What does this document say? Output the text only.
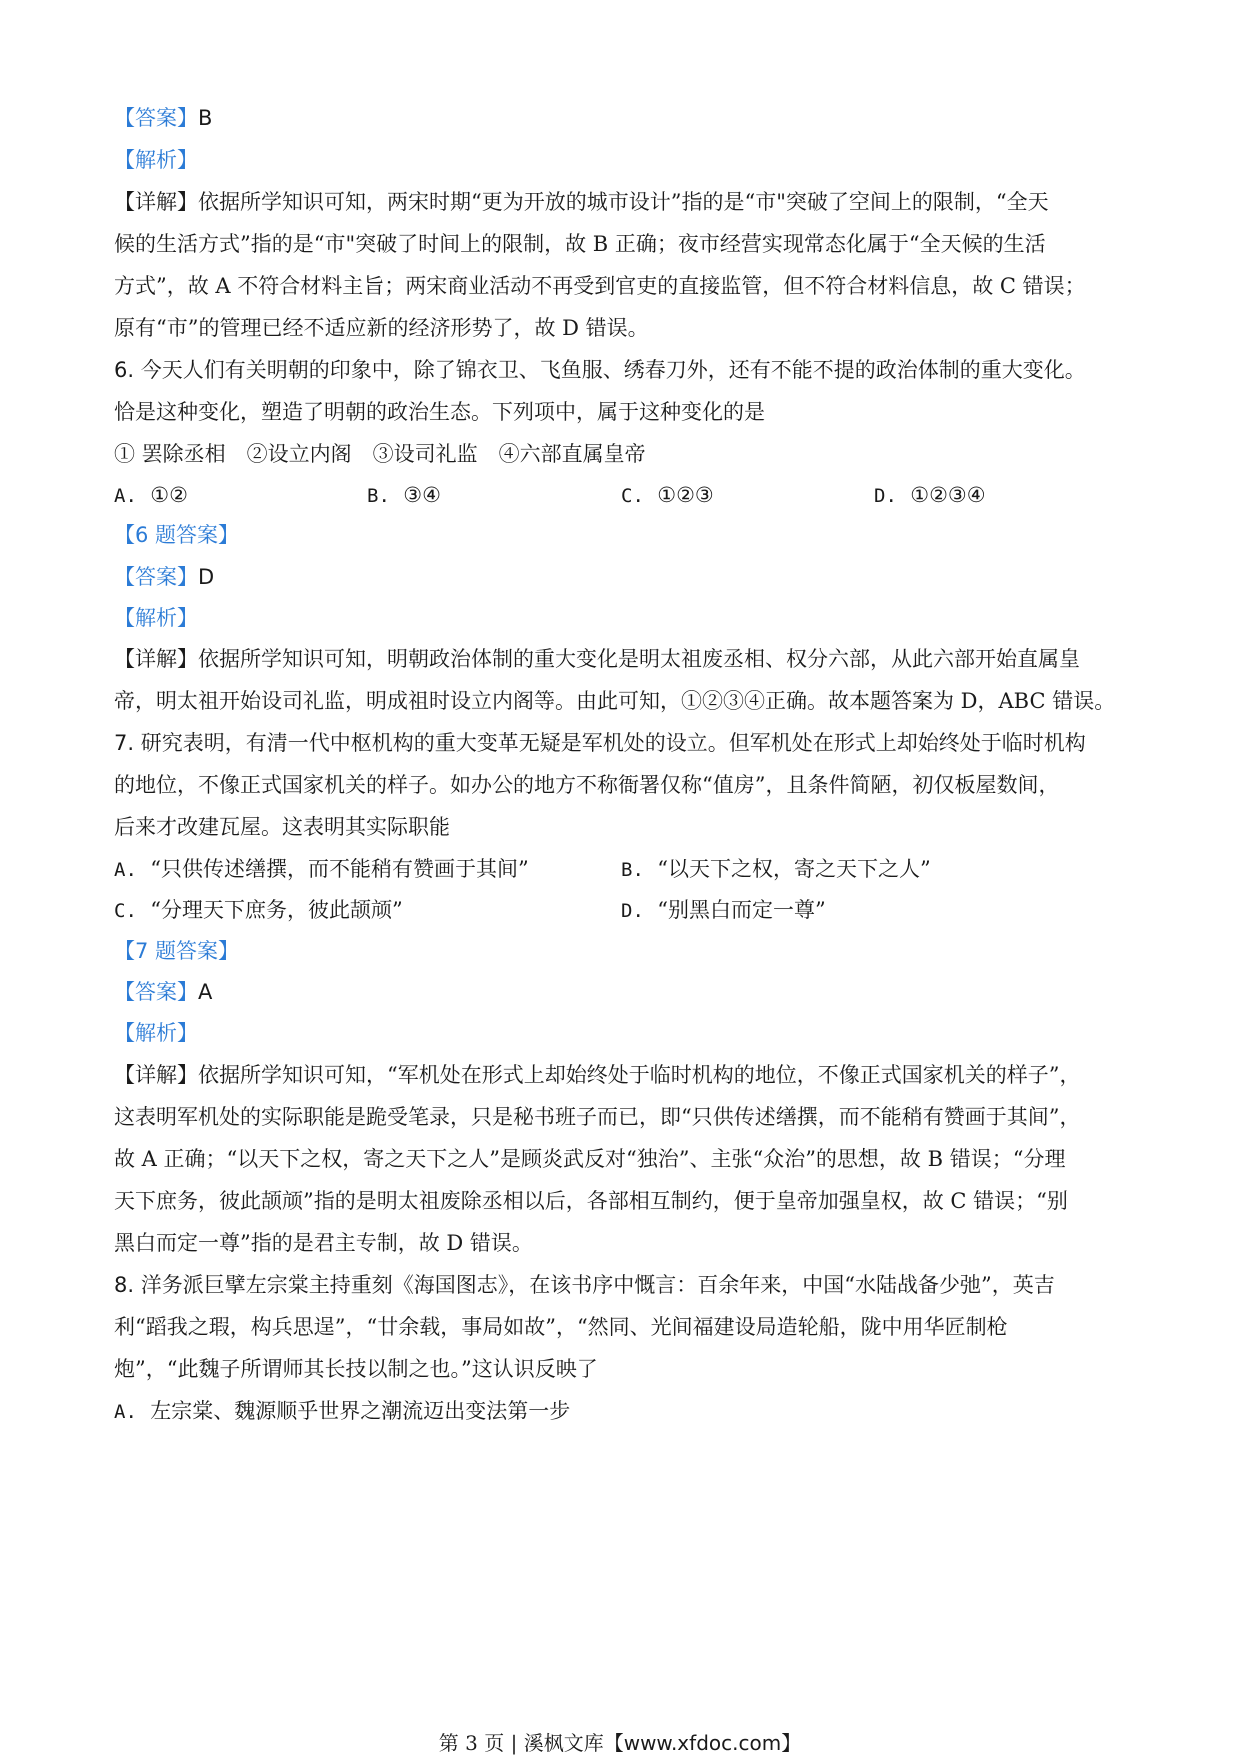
【答案】B
【解析】
【详解】依据所学知识可知，两宋时期“更为开放的城市设计”指的是“市"突破了空间上的限制，“全天
候的生活方式”指的是“市"突破了时间上的限制，故 B 正确；夜市经营实现常态化属于“全天候的生活
方式”，故 A 不符合材料主旨；两宋商业活动不再受到官吏的直接监管，但不符合材料信息，故 C 错误；
原有“市”的管理已经不适应新的经济形势了，故 D 错误。
6. 今天人们有关明朝的印象中，除了锦衣卫、飞鱼服、绣春刀外，还有不能不提的政治体制的重大变化。
恰是这种变化，塑造了明朝的政治生态。下列项中，属于这种变化的是
① 罢除丞相　②设立内阁　③设司礼监　④六部直属皇帝
A. ①②	B. ③④	C. ①②③	D. ①②③④
【6 题答案】
【答案】D
【解析】
【详解】依据所学知识可知，明朝政治体制的重大变化是明太祖废丞相、权分六部，从此六部开始直属皇
帝，明太祖开始设司礼监，明成祖时设立内阁等。由此可知，①②③④正确。故本题答案为 D，ABC 错误。
7. 研究表明，有清一代中枢机构的重大变革无疑是军机处的设立。但军机处在形式上却始终处于临时机构
的地位，不像正式国家机关的样子。如办公的地方不称衙署仅称“值房”，且条件简陋，初仅板屋数间，
后来才改建瓦屋。这表明其实际职能
A. “只供传述缮撰，而不能稍有赞画于其间”	B. “以天下之权，寄之天下之人”
C. “分理天下庶务，彼此颉颃”	D. “别黑白而定一尊”
【7 题答案】
【答案】A
【解析】
【详解】依据所学知识可知，“军机处在形式上却始终处于临时机构的地位，不像正式国家机关的样子”，
这表明军机处的实际职能是跪受笔录，只是秘书班子而已，即“只供传述缮撰，而不能稍有赞画于其间”，
故 A 正确；“以天下之权，寄之天下之人”是顾炎武反对“独治”、主张“众治”的思想，故 B 错误；“分理
天下庶务，彼此颉颃”指的是明太祖废除丞相以后，各部相互制约，便于皇帝加强皇权，故 C 错误；“别
黑白而定一尊”指的是君主专制，故 D 错误。
8. 洋务派巨擘左宗棠主持重刻《海国图志》，在该书序中慨言：百余年来，中国“水陆战备少弛”，英吉
利“蹈我之瑕，构兵思逞”，“廿余载，事局如故”，“然同、光间福建设局造轮船，陇中用华匠制枪
炮”，“此魏子所谓师其长技以制之也。”这认识反映了
A. 左宗棠、魏源顺乎世界之潮流迈出变法第一步
第 3 页 | 溪枫文库【www.xfdoc.com】
